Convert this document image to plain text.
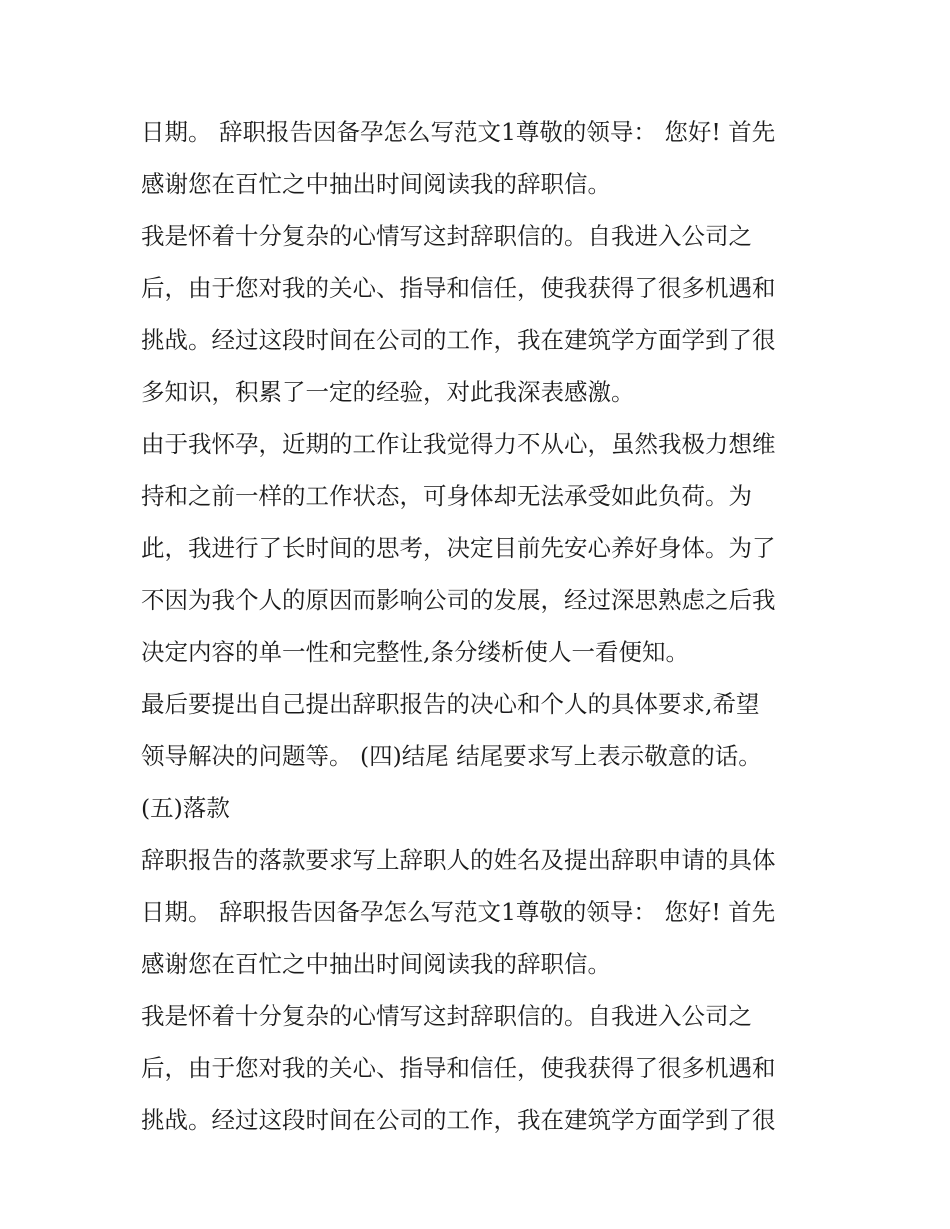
日期。 辞职报告因备孕怎么写范文1尊敬的领导： 您好! 首先
感谢您在百忙之中抽出时间阅读我的辞职信。
我是怀着十分复杂的心情写这封辞职信的。自我进入公司之
后，由于您对我的关心、指导和信任，使我获得了很多机遇和
挑战。经过这段时间在公司的工作，我在建筑学方面学到了很
多知识，积累了一定的经验，对此我深表感激。
由于我怀孕，近期的工作让我觉得力不从心，虽然我极力想维
持和之前一样的工作状态，可身体却无法承受如此负荷。为
此，我进行了长时间的思考，决定目前先安心养好身体。为了
不因为我个人的原因而影响公司的发展，经过深思熟虑之后我
决定内容的单一性和完整性,条分缕析使人一看便知。
最后要提出自己提出辞职报告的决心和个人的具体要求,希望
领导解决的问题等。 (四)结尾 结尾要求写上表示敬意的话。
(五)落款
辞职报告的落款要求写上辞职人的姓名及提出辞职申请的具体
日期。 辞职报告因备孕怎么写范文1尊敬的领导： 您好! 首先
感谢您在百忙之中抽出时间阅读我的辞职信。
我是怀着十分复杂的心情写这封辞职信的。自我进入公司之
后，由于您对我的关心、指导和信任，使我获得了很多机遇和
挑战。经过这段时间在公司的工作，我在建筑学方面学到了很
